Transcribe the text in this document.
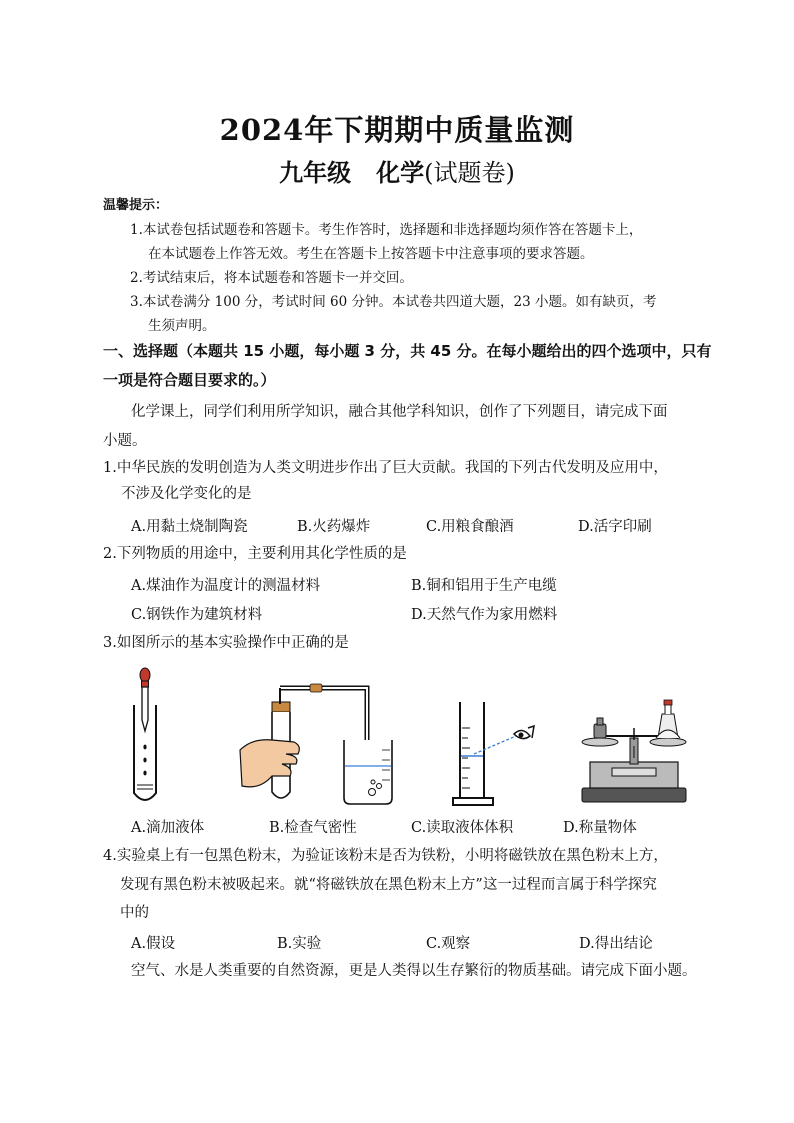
2024年下期期中质量监测
九年级   化学(试题卷)
温馨提示：
1.本试卷包括试题卷和答题卡。考生作答时，选择题和非选择题均须作答在答题卡上，
在本试题卷上作答无效。考生在答题卡上按答题卡中注意事项的要求答题。
2.考试结束后，将本试题卷和答题卡一并交回。
3.本试卷满分 100 分，考试时间 60 分钟。本试卷共四道大题，23 小题。如有缺页，考
生须声明。
一、选择题（本题共 15 小题，每小题 3 分，共 45 分。在每小题给出的四个选项中，只有
一项是符合题目要求的。）
化学课上，同学们利用所学知识，融合其他学科知识，创作了下列题目，请完成下面
小题。
1.中华民族的发明创造为人类文明进步作出了巨大贡献。我国的下列古代发明及应用中，
不涉及化学变化的是
A.用黏土烧制陶瓷	B.火药爆炸	C.用粮食酿酒	D.活字印刷
2.下列物质的用途中，主要利用其化学性质的是
A.煤油作为温度计的测温材料	B.铜和铝用于生产电缆
C.钢铁作为建筑材料	D.天然气作为家用燃料
3.如图所示的基本实验操作中正确的是
A.滴加液体	B.检查气密性	C.读取液体体积	D.称量物体
4.实验桌上有一包黑色粉末，为验证该粉末是否为铁粉，小明将磁铁放在黑色粉末上方，
发现有黑色粉末被吸起来。就“将磁铁放在黑色粉末上方”这一过程而言属于科学探究
中的
A.假设	B.实验	C.观察	D.得出结论
空气、水是人类重要的自然资源，更是人类得以生存繁衍的物质基础。请完成下面小题。
